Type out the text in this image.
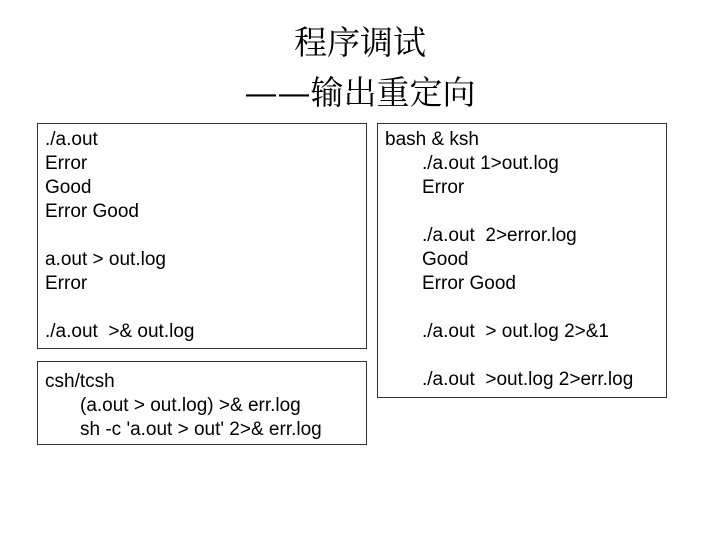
程序调试
——输出重定向
./a.out
Error
Good
Error Good
a.out > out.log
Error
./a.out  >& out.log
csh/tcsh
(a.out > out.log) >& err.log
sh -c 'a.out > out' 2>& err.log
bash & ksh
./a.out 1>out.log
Error
./a.out  2>error.log
Good
Error Good
./a.out  > out.log 2>&1
./a.out  >out.log 2>err.log
